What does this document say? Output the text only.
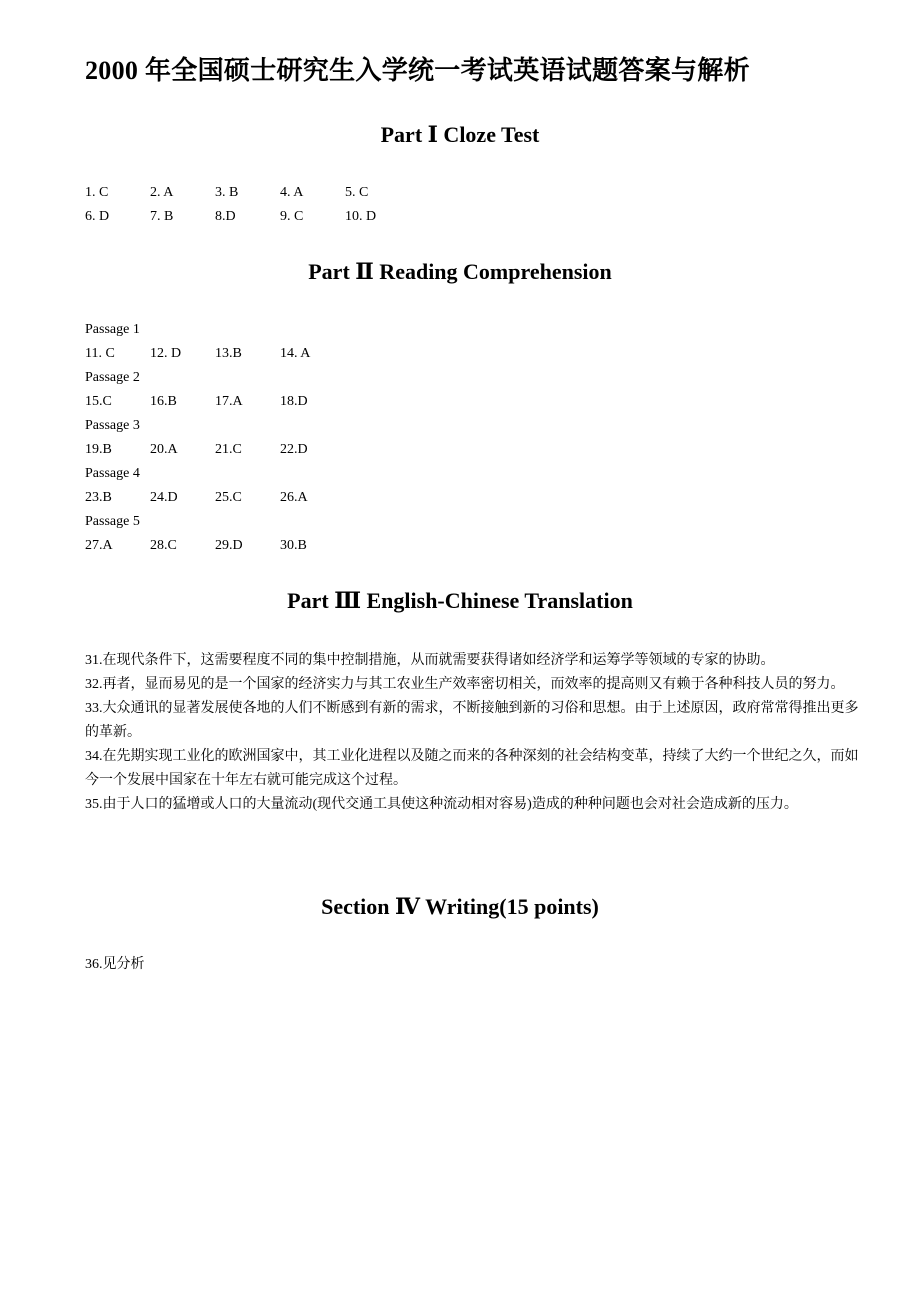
2000 年全国硕士研究生入学统一考试英语试题答案与解析
Part Ⅰ Cloze Test
1. C	2. A	3. B	4. A	5. C
6. D	7. B	8.D	9. C	10. D
Part Ⅱ Reading Comprehension
Passage 1
11. C	12. D 13.B	14. A
Passage 2
15.C	16.B	17.A	18.D
Passage 3
19.B	20.A	21.C	22.D
Passage 4
23.B	24.D	25.C	26.A
Passage 5
27.A	28.C	29.D	30.B
Part Ⅲ English-Chinese Translation

31.在现代条件下，这需要程度不同的集中控制措施，从而就需要获得诸如经济学和运筹学等领域的专家的协助。

32.再者，显而易见的是一个国家的经济实力与其工农业生产效率密切相关，而效率的提高则又有赖于各种科技人员的努力。

33.大众通讯的显著发展使各地的人们不断感到有新的需求，不断接触到新的习俗和思想。由于上述原因，政府常常得推出更多的革新。

34.在先期实现工业化的欧洲国家中，其工业化进程以及随之而来的各种深刻的社会结构变革，持续了大约一个世纪之久，而如今一个发展中国家在十年左右就可能完成这个过程。

35.由于人口的猛增或人口的大量流动(现代交通工具使这种流动相对容易)造成的种种问题也会对社会造成新的压力。

Section Ⅳ Writing(15 points)
36.见分析
